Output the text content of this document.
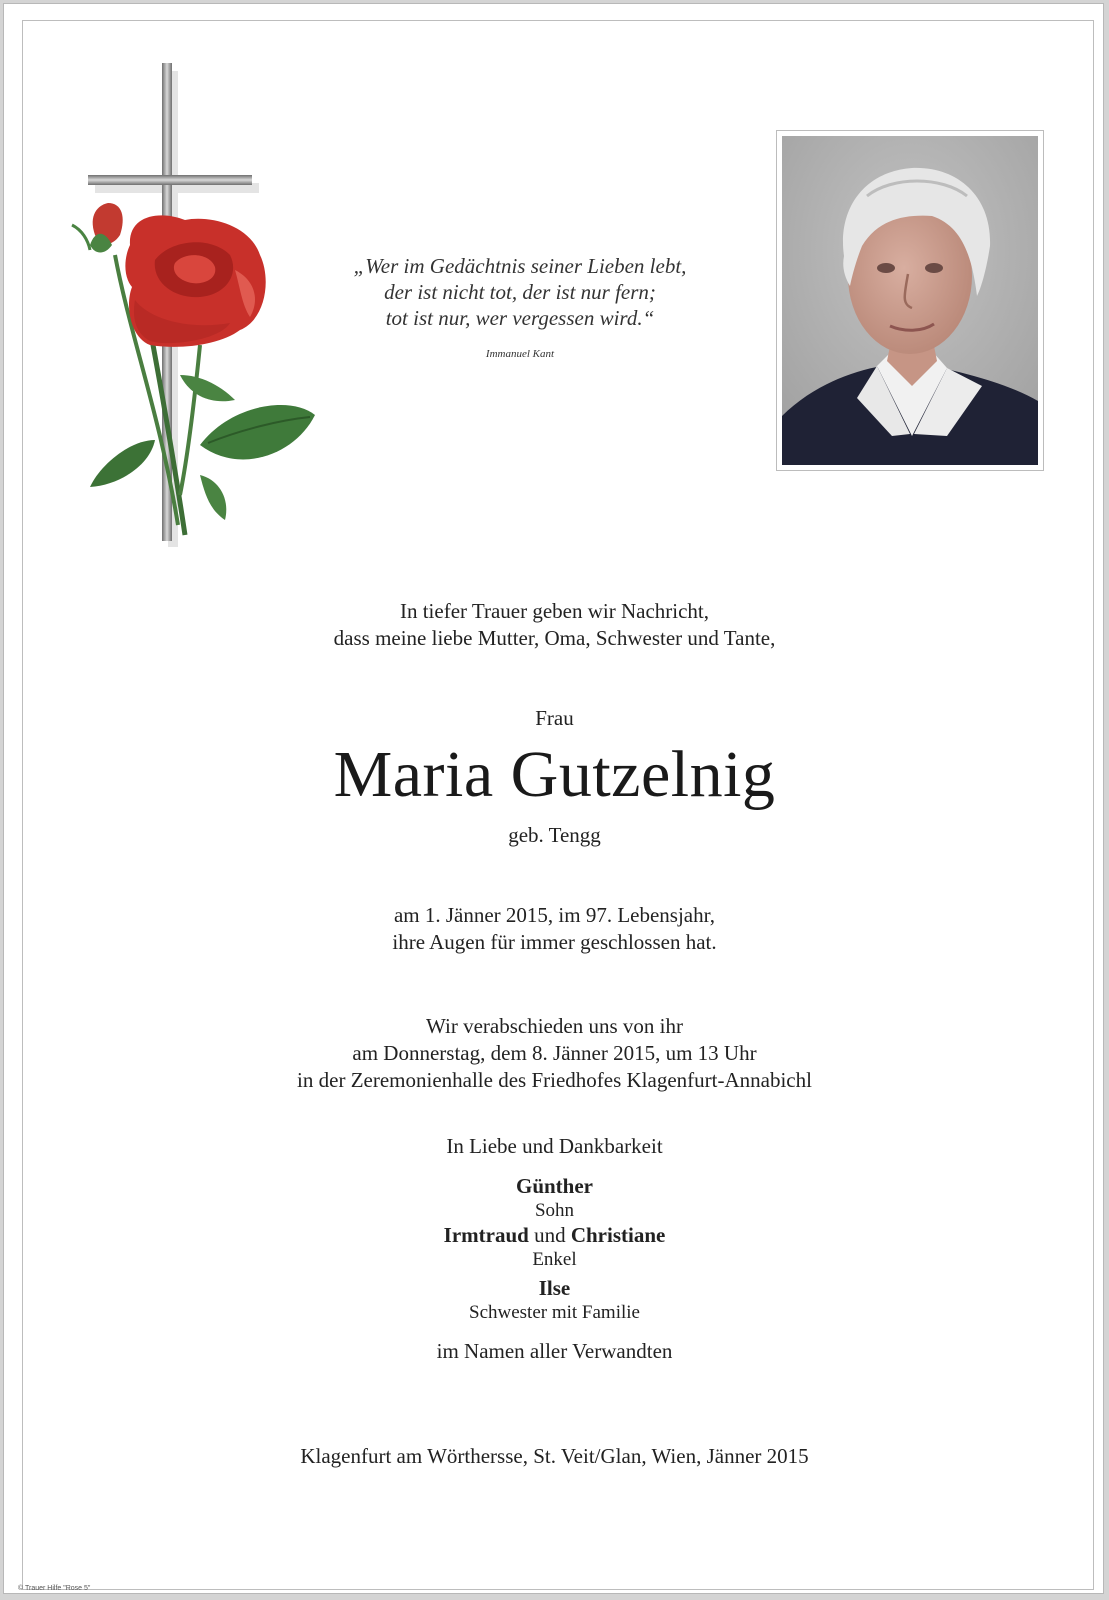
„Wer im Gedächtnis seiner Lieben lebt,
der ist nicht tot, der ist nur fern;
tot ist nur, wer vergessen wird.“
Immanuel Kant
In tiefer Trauer geben wir Nachricht,
dass meine liebe Mutter, Oma, Schwester und Tante,
Frau
Maria Gutzelnig
geb. Tengg
am 1. Jänner 2015, im 97. Lebensjahr,
ihre Augen für immer geschlossen hat.
Wir verabschieden uns von ihr
am Donnerstag, dem 8. Jänner 2015, um 13 Uhr
in der Zeremonienhalle des Friedhofes Klagenfurt-Annabichl
In Liebe und Dankbarkeit
Günther
Sohn
Irmtraud und Christiane
Enkel
Ilse
Schwester mit Familie
im Namen aller Verwandten
Klagenfurt am Wörthersse, St. Veit/Glan, Wien, Jänner 2015
© Trauer Hilfe "Rose 5"
